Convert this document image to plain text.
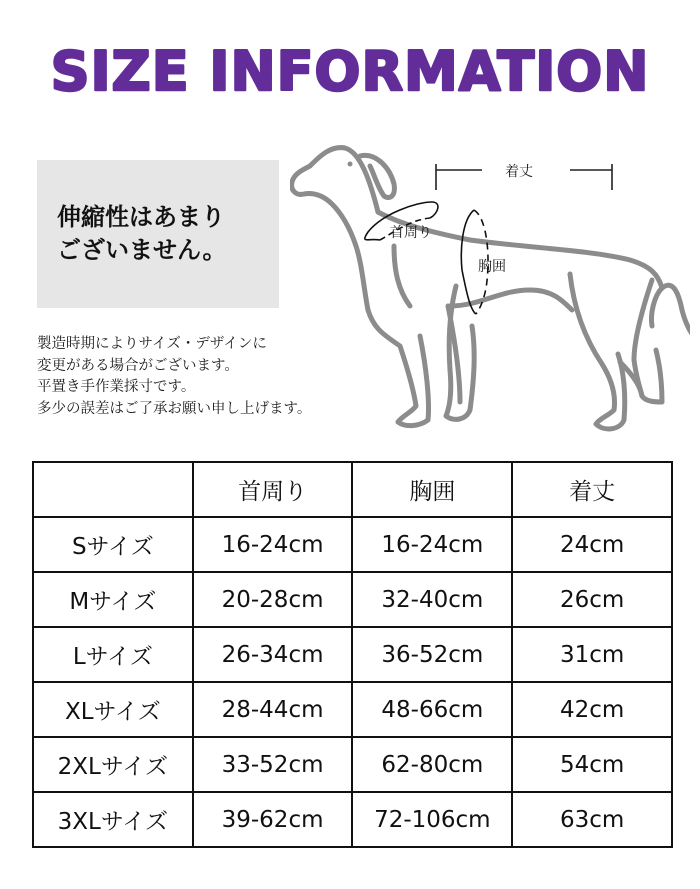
SIZE INFORMATION
伸縮性はあまり
ございません。
製造時期によりサイズ・デザインに
変更がある場合がございます。
平置き手作業採寸です。
多少の誤差はご了承お願い申し上げます。
着丈
首周り
胸囲
	首周り	胸囲	着丈
Sサイズ	16-24cm	16-24cm	24cm
Mサイズ	20-28cm	32-40cm	26cm
Lサイズ	26-34cm	36-52cm	31cm
XLサイズ	28-44cm	48-66cm	42cm
2XLサイズ	33-52cm	62-80cm	54cm
3XLサイズ	39-62cm	72-106cm	63cm
